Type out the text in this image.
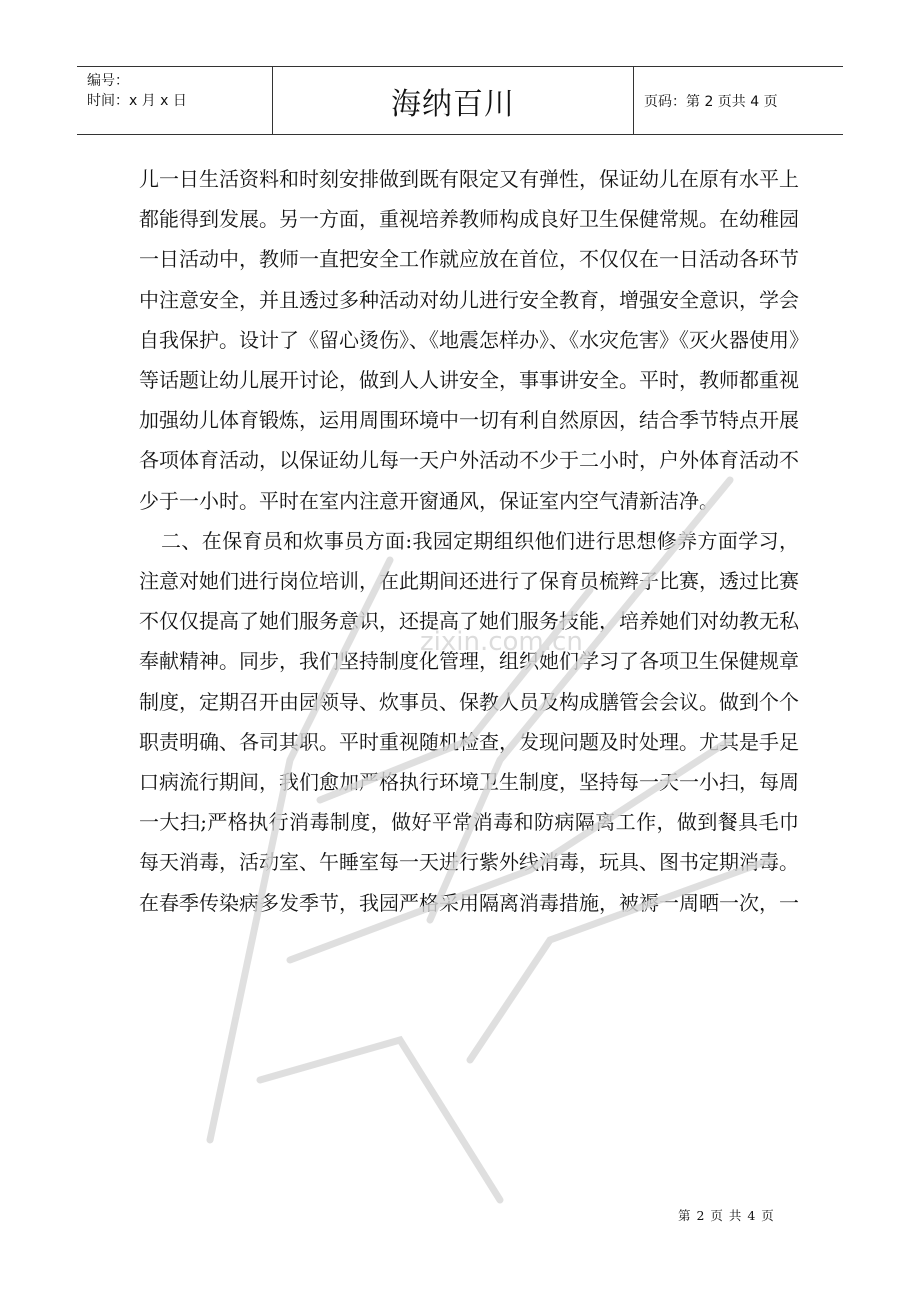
编号：
时间：x 月 x 日	海纳百川	页码：第 2 页共 4 页

儿一日生活资料和时刻安排做到既有限定又有弹性，保证幼儿在原有水平上都能得到发展。另一方面，重视培养教师构成良好卫生保健常规。在幼稚园一日活动中，教师一直把安全工作就应放在首位，不仅仅在一日活动各环节中注意安全，并且透过多种活动对幼儿进行安全教育，增强安全意识，学会自我保护。设计了《留心烫伤》、《地震怎样办》、《水灾危害》《灭火器使用》等话题让幼儿展开讨论，做到人人讲安全，事事讲安全。平时，教师都重视加强幼儿体育锻炼，运用周围环境中一切有利自然原因，结合季节特点开展各项体育活动，以保证幼儿每一天户外活动不少于二小时，户外体育活动不少于一小时。平时在室内注意开窗通风，保证室内空气清新洁净。

二、在保育员和炊事员方面:我园定期组织他们进行思想修养方面学习，注意对她们进行岗位培训，在此期间还进行了保育员梳辫子比赛，透过比赛不仅仅提高了她们服务意识，还提高了她们服务技能，培养她们对幼教无私奉献精神。同步，我们坚持制度化管理，组织她们学习了各项卫生保健规章制度，定期召开由园领导、炊事员、保教人员及构成膳管会会议。做到个个职责明确、各司其职。平时重视随机检查，发现问题及时处理。尤其是手足口病流行期间，我们愈加严格执行环境卫生制度，坚持每一天一小扫，每周一大扫;严格执行消毒制度，做好平常消毒和防病隔离工作，做到餐具毛巾每天消毒，活动室、午睡室每一天进行紫外线消毒，玩具、图书定期消毒。在春季传染病多发季节，我园严格采用隔离消毒措施，被褥一周晒一次，一

zixin.com.cn
第 2 页 共 4 页
